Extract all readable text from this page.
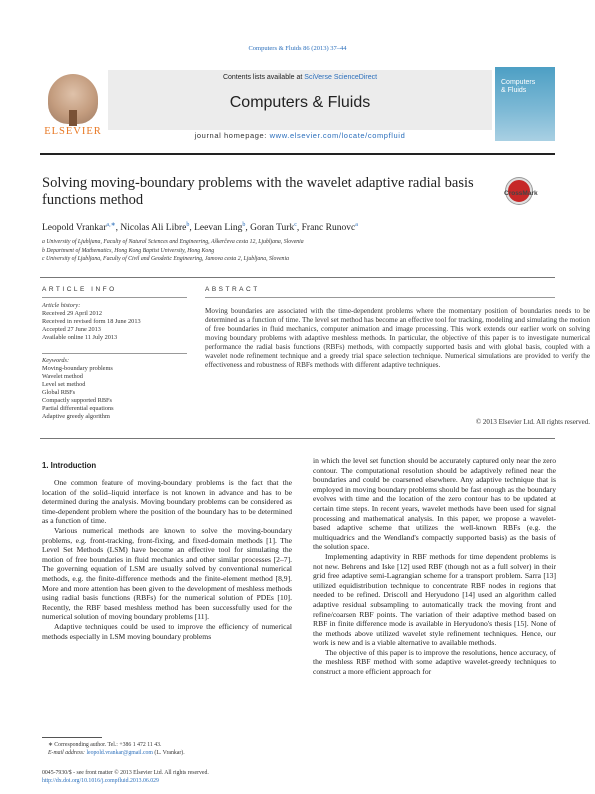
Computers & Fluids 86 (2013) 37–44
ELSEVIER
Contents lists available at SciVerse ScienceDirect
Computers & Fluids
journal homepage: www.elsevier.com/locate/compfluid
Computers
& Fluids
Solving moving-boundary problems with the wavelet adaptive radial basis functions method	CrossMark
Leopold Vrankar$^{a,∗}$, Nicolas Ali Libre$^b$, Leevan Ling$^b$, Goran Turk$^c$, Franc Runovc$^a$
a University of Ljubljana, Faculty of Natural Sciences and Engineering, Aškerčeva cesta 12, Ljubljana, Slovenia
b Department of Mathematics, Hong Kong Baptist University, Hong Kong
c University of Ljubljana, Faculty of Civil and Geodetic Engineering, Jamova cesta 2, Ljubljana, Slovenia
ARTICLE INFO
Article history:
Received 29 April 2012
Received in revised form 18 June 2013
Accepted 27 June 2013
Available online 11 July 2013
Keywords:
Moving-boundary problems
Wavelet method
Level set method
Global RBFs
Compactly supported RBFs
Partial differential equations
Adaptive greedy algorithm
ABSTRACT
Moving boundaries are associated with the time-dependent problems where the momentary position of boundaries needs to be determined as a function of time. The level set method has become an effective tool for tracking, modeling and simulating the motion of free boundaries in fluid mechanics, computer animation and image processing. This work extends our earlier work on solving moving boundary problems with adaptive meshless methods. In particular, the objective of this paper is to investigate numerical performance the radial basis functions (RBFs) methods, with compactly supported basis and with global basis, coupled with a wavelet node refinement technique and a greedy trial space selection technique. Numerical simulations are provided to verify the effectiveness and robustness of RBFs methods with different adaptive techniques.
© 2013 Elsevier Ltd. All rights reserved.
1. Introduction

One common feature of moving-boundary problems is the fact that the location of the solid–liquid interface is not known in advance and has to be determined during the analysis. Moving boundary problems can be considered as time-dependent problem where the position of the boundary has to be determined as a function of time.

Various numerical methods are known to solve the moving-boundary problems, e.g. front-tracking, front-fixing, and fixed-domain methods [1]. The Level Set Methods (LSM) have become an effective tool for simulating the motion of free boundaries in fluid mechanics and other similar processes [2–7]. The governing equation of LSM are usually solved by conventional numerical methods, e.g. the finite-difference methods and the finite-element method [8,9]. More and more attention has been given to the development of meshless methods using radial basis functions (RBFs) for the numerical solution of PDEs [10]. Recently, the RBF based meshless method has been successfully used for the numerical solution of moving boundary problems [11].

Adaptive techniques could be used to improve the efficiency of numerical methods especially in LSM moving boundary problems

in which the level set function should be accurately captured only near the zero contour. The computational resolution should be adaptively refined near the boundaries and could be coarsened elsewhere. Any adaptive technique that is employed in moving boundary problems should be fast enough as the boundary evolves with time and the location of the zero contour has to be updated at certain time steps. In recent years, wavelet methods have been used for signal processing and mathematical analysis. In this paper, we propose a wavelet-based adaptive scheme that utilizes the well-known RBFs (e.g. the multiquadrics and the Wendland's compactly supported basis) as the basis of the solution space.

Implementing adaptivity in RBF methods for time dependent problems is not new. Behrens and Iske [12] used RBF (though not as a full solver) in their grid free adaptive semi-Lagrangian scheme for a transport problem. Sarra [13] utilized equidistribution technique to concentrate RBF nodes in regions that needed to be refined. Driscoll and Heryudono [14] used an algorithm called adaptive residual subsampling to automatically track the moving front and refine/coarsen RBF points. The variation of their adaptive method based on RBF in finite difference mode is available in Heryudono's thesis [15]. None of the methods above utilized wavelet style refinement techniques. Hence, our work is new and is a viable alternative to available methods.

The objective of this paper is to improve the resolutions, hence accuracy, of the meshless RBF method with some adaptive wavelet-greedy techniques to construct a more efficient approach for

∗ Corresponding author. Tel.: +386 1 472 11 43.
E-mail address: leopold.vrankar@gmail.com (L. Vrankar).
0045-7930/$ - see front matter © 2013 Elsevier Ltd. All rights reserved.
http://dx.doi.org/10.1016/j.compfluid.2013.06.029
